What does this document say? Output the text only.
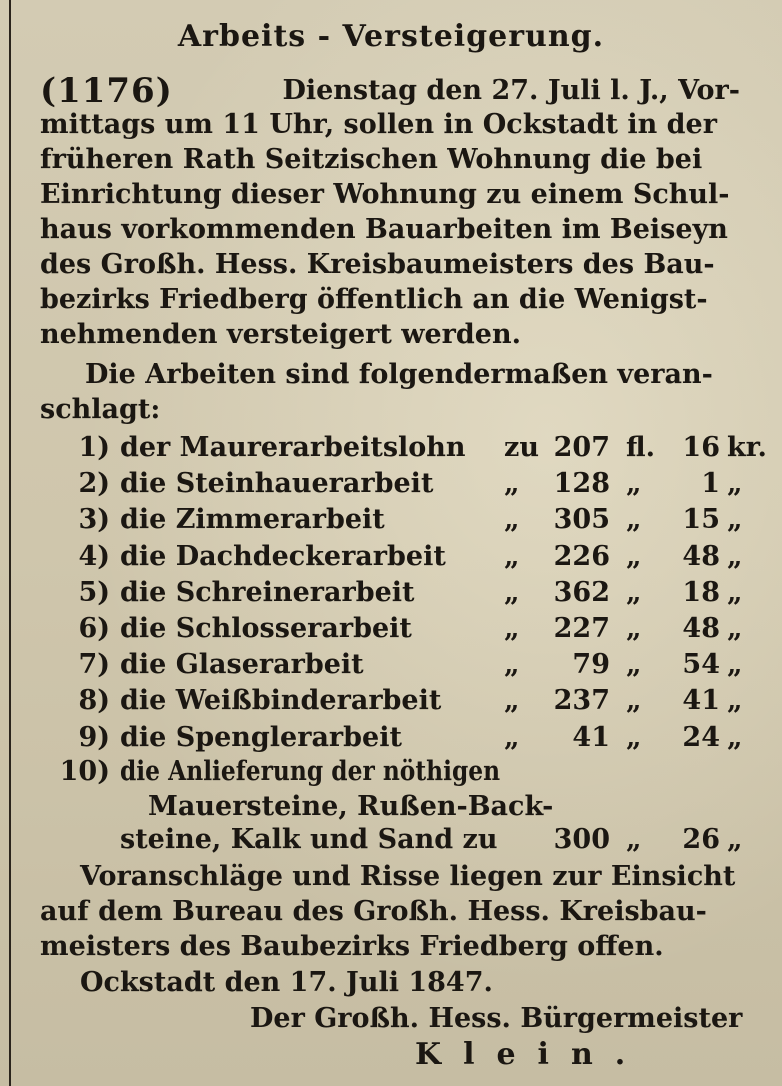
Arbeits - Versteigerung.
(1176)	Dienstag den 27. Juli l. J., Vor-
mittags um 11 Uhr, sollen in Ockstadt in der
früheren Rath Seitzischen Wohnung die bei
Einrichtung dieser Wohnung zu einem Schul-
haus vorkommenden Bauarbeiten im Beiseyn
des Großh. Hess. Kreisbaumeisters des Bau-
bezirks Friedberg öffentlich an die Wenigst-
nehmenden versteigert werden.
Die Arbeiten sind folgendermaßen veran-
schlagt:
1) der Maurerarbeitslohn zu 207 fl. 16 kr.
2) die Steinhauerarbeit	„ 128 „ 1 „
3) die Zimmerarbeit	„ 305 „ 15 „
4) die Dachdeckerarbeit „ 226 „ 48 „
5) die Schreinerarbeit	„ 362 „ 18 „
6) die Schlosserarbeit	„ 227 „ 48 „
7) die Glaserarbeit	„ 79 „ 54 „
8) die Weißbinderarbeit „ 237 „ 41 „
9) die Spenglerarbeit	„ 41 „ 24 „
10) die Anlieferung der nöthigen
Mauersteine, Rußen-Back-
steine, Kalk und Sand zu 300 „ 26 „
Voranschläge und Risse liegen zur Einsicht
auf dem Bureau des Großh. Hess. Kreisbau-
meisters des Baubezirks Friedberg offen.
Ockstadt den 17. Juli 1847.
Der Großh. Hess. Bürgermeister
Klein.
